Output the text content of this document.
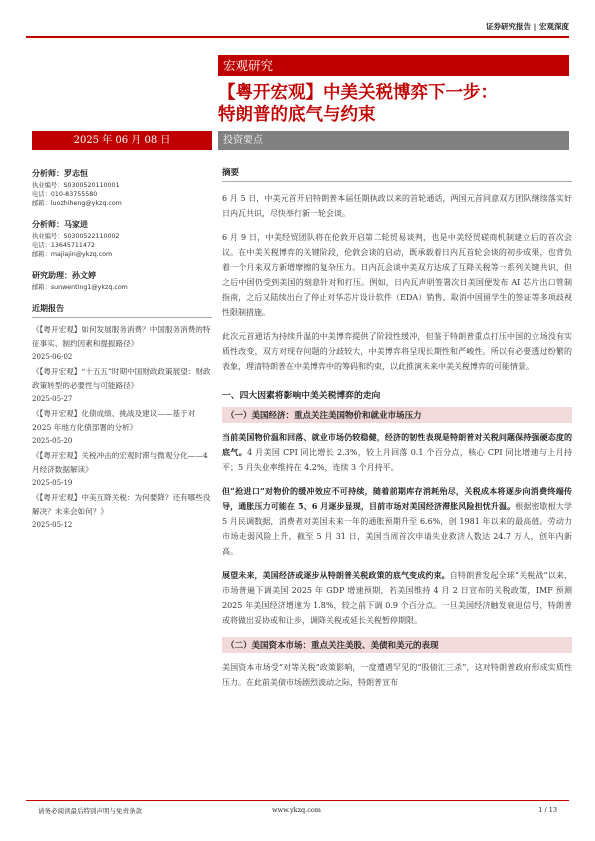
证券研究报告 | 宏观深度
宏观研究
【粤开宏观】中美关税博弈下一步：
特朗普的底气与约束
2025 年 06 月 08 日	投资要点
分析师：罗志恒
执业编号：S0300520110001
电话：010-83755580
邮箱：luozhiheng@ykzq.com
分析师：马家进
执业编号：S0300522110002
电话：13645711472
邮箱：majiajin@ykzq.com
研究助理：孙文婷
邮箱：sunwenting1@ykzq.com
近期报告
《【粤开宏观】如何发展服务消费？中国服务消费的特征事实、制约因素和提振路径》
2025-06-02
《【粤开宏观】“十五五”时期中国财政政策展望：财政政策转型的必要性与可能路径》
2025-05-27
《【粤开宏观】化债成绩、挑战及建议——基于对 2025 年地方化债部署的分析》
2025-05-20
《【粤开宏观】关税冲击的宏观时滞与微观分化——4 月经济数据解读》
2025-05-19
《【粤开宏观】中美互降关税：为何要降？还有哪些没解决？未来会如何？》
2025-05-12
摘要

6 月 5 日，中美元首开启特朗普本届任期执政以来的首轮通话，两国元首同意双方团队继续落实好日内瓦共识，尽快举行新一轮会谈。

6 月 9 日，中美经贸团队将在伦敦开启第二轮贸易谈判，也是中美经贸磋商机制建立后的首次会议。在中美关税博弈的关键阶段，伦敦会谈的启动，既承载着日内瓦首轮会谈的初步成果，也背负着一个月来双方新增摩擦的复杂压力。日内瓦会谈中美双方达成了互降关税等一系列关键共识，但之后中国仍受到美国的刻意针对和打压。例如，日内瓦声明签署次日美国便发布 AI 芯片出口管制指南，之后又陆续出台了停止对华芯片设计软件（EDA）销售、取消中国留学生的签证等多项歧视性限制措施。

此次元首通话为持续升温的中美博弈提供了阶段性缓冲，但鉴于特朗普重点打压中国的立场没有实质性改变，双方对现存问题的分歧较大，中美博弈将呈现长期性和严峻性。所以有必要透过纷繁的表象，理清特朗普在中美博弈中的筹码和约束，以此推演未来中美关税博弈的可能情景。

一、四大因素将影响中美关税博弈的走向
（一）美国经济：重点关注美国物价和就业市场压力

当前美国物价温和回落、就业市场仍较稳健，经济的韧性表现是特朗普对关税问题保持强硬态度的底气。4 月美国 CPI 同比增长 2.3%，较上月回落 0.1 个百分点，核心 CPI 同比增速与上月持平；5 月失业率维持在 4.2%，连续 3 个月持平。

但“抢进口”对物价的缓冲效应不可持续，随着前期库存消耗殆尽，关税成本将逐步向消费终端传导，通胀压力可能在 5、6 月逐步显现，目前市场对美国经济滞胀风险担忧升温。根据密歇根大学 5 月民调数据，消费者对美国未来一年的通胀预期升至 6.6%，创 1981 年以来的最高值。劳动力市场走弱风险上升，截至 5 月 31 日，美国当周首次申请失业救济人数达 24.7 万人，创年内新高。

展望未来，美国经济或逐步从特朗普关税政策的底气变成约束。自特朗普发起全球“关税战”以来，市场普遍下调美国 2025 年 GDP 增速预期，若美国维持 4 月 2 日宣布的关税政策，IMF 预测 2025 年美国经济增速为 1.8%，较之前下调 0.9 个百分点。一旦美国经济触发衰退信号，特朗普或将做出妥协或和让步，调降关税或延长关税暂停期限。

（二）美国资本市场：重点关注美股、美债和美元的表现

美国资本市场受“对等关税”政策影响，一度遭遇罕见的“股债汇三杀”，这对特朗普政府形成实质性压力。在此前美债市场剧烈波动之际，特朗普宣布

请务必阅读最后特别声明与免责条款	www.ykzq.com	1 / 13
